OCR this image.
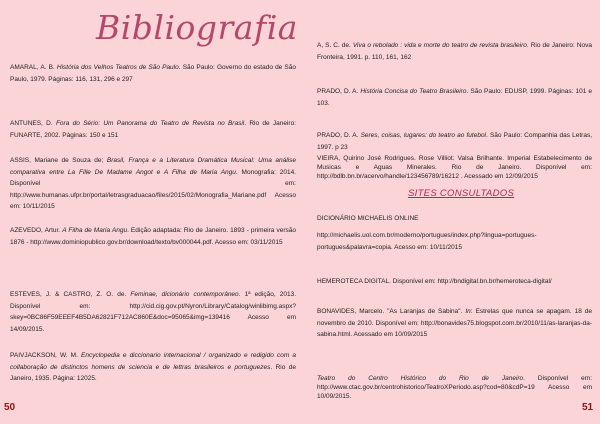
Bibliografia
AMARAL, A. B. História dos Velhos Teatros de São Paulo. São Paulo: Governo do estado de São Paulo, 1979. Páginas: 116, 131, 296 e 297
ANTUNES, D. Fora do Sério: Um Panorama do Teatro de Revista no Brasil. Rio de Janeiro: FUNARTE, 2002. Páginas: 150 e 151
ASSIS, Mariane de Souza de; Brasil, França e a Literatura Dramática Musical: Uma análise comparativa entre La Fille De Madame Angot e A Filha de Maria Angu. Monografia: 2014. Disponível em: http://www.humanas.ufpr.br/portal/letrasgraduacao/files/2015/02/Monografia_Mariane.pdf Acesso em: 10/11/2015
AZEVEDO, Artur. A Filha de Maria Angu. Edição adaptada: Rio de Janeiro. 1893 - primeira versão 1876 - http://www.dominiopublico.gov.br/download/texto/bv000044.pdf. Acesso em: 03/11/2015
ESTEVES, J. & CASTRO, Z. O. de. Feminae, dicionário contemporâneo. 1ª edição, 2013. Disponível em: http://cid.cig.gov.pt/Nyron/Library/Catalog/winlibimg.aspx?skey=0BC86F59EEEF4B5DA62821F712AC860E&doc=95065&img=139416 Acesso em 14/09/2015.
PAIVJACKSON, W. M. Encyclopedia e diccionario internacional / organizado e redigido com a collaboração de distinctos homens de sciencia e de lettras brasileiros e portuguezes. Rio de Janeiro, 1935. Página: 12025.
50
A, S. C. de. Viva o rebolado : vida e morte do teatro de revista brasileiro. Rio de Janeiro: Nova Fronteira, 1991. p. 110, 161, 162
PRADO, D. A. História Concisa do Teatro Brasileiro. São Paulo: EDUSP, 1999. Páginas: 101 e 103.
PRADO, D. A. Seres, coisas, lugares: do teatro ao futebol. São Paulo: Companhia das Letras, 1997. p 23
VIEIRA, Quirino José Rodrigues. Rose Villiot: Valsa Brilhante. Imperial Estabelecimento de Musicas e Aguas Minerales. Rio de Janeiro. Disponível em: http://bdlb.bn.br/acervo/handle/123456789/16212 . Acessado em 12/09/2015
DICIONÁRIO MICHAELIS ONLINE
http://michaelis.uol.com.br/moderno/portugues/index.php?lingua=portugues-portugues&palavra=copia. Acesso em: 10/11/2015
HEMEROTECA DIGITAL. Disponível em: http://bndigital.bn.br/hemeroteca-digital/
BONAVIDES, Marcelo. "As Laranjas de Sabina". In: Estrelas que nunca se apagam. 18 de novembro de 2010. Disponível em: http://bonavides75.blogspot.com.br/2010/11/as-laranjas-da-sabina.html. Acessado em 10/09/2015
Teatro do Centro Histórico do Rio de Janeiro. Disponível em: http://www.ctac.gov.br/centrohistorico/TeatroXPeriodo.asp?cod=80&cdP=19 Acesso em 10/09/2015.
SITES CONSULTADOS
51
